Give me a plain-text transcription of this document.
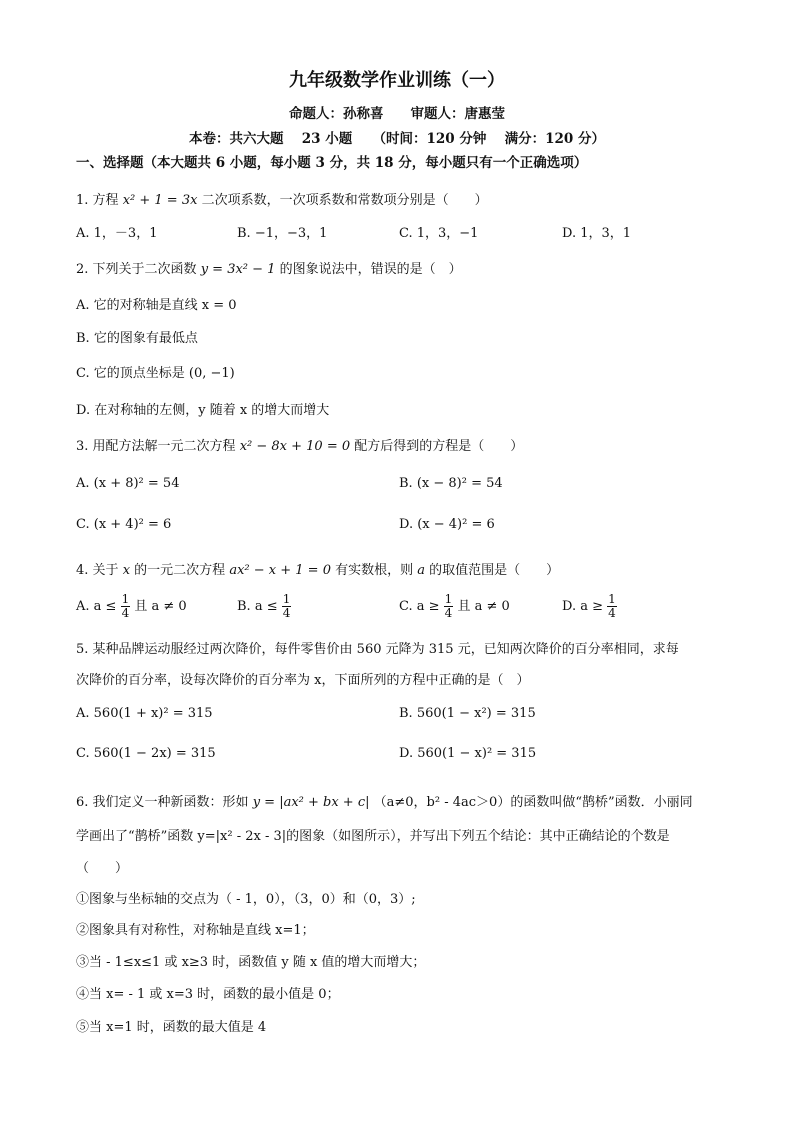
九年级数学作业训练（一）
命题人：孙称喜　　审题人：唐惠莹
本卷：共六大题　 23 小题　　（时间：120 分钟　 满分：120 分）
一、选择题（本大题共 6 小题，每小题 3 分，共 18 分，每小题只有一个正确选项）
1. 方程 x² + 1 = 3x 二次项系数，一次项系数和常数项分别是（　　）
A. 1，－3，1	B. −1，−3，1	C. 1，3，−1	D. 1，3，1
2. 下列关于二次函数 y = 3x² − 1 的图象说法中，错误的是（　）
A. 它的对称轴是直线 x = 0
B. 它的图象有最低点
C. 它的顶点坐标是 (0, −1)
D. 在对称轴的左侧，y 随着 x 的增大而增大
3. 用配方法解一元二次方程 x² − 8x + 10 = 0 配方后得到的方程是（　　）
A. (x + 8)² = 54	B. (x − 8)² = 54
C. (x + 4)² = 6	D. (x − 4)² = 6
4. 关于 x 的一元二次方程 ax² − x + 1 = 0 有实数根，则 a 的取值范围是（　　）
A. $a \le \frac{1}{4}$ 且 a ≠ 0	B. $a \le \frac{1}{4}$	C. $a \ge \frac{1}{4}$ 且 a ≠ 0	D. $a \ge \frac{1}{4}$
5. 某种品牌运动服经过两次降价，每件零售价由 560 元降为 315 元，已知两次降价的百分率相同，求每
次降价的百分率，设每次降价的百分率为 x，下面所列的方程中正确的是（　）
A. 560(1 + x)² = 315	B. 560(1 − x²) = 315
C. 560(1 − 2x) = 315	D. 560(1 − x)² = 315
6. 我们定义一种新函数：形如 y = |ax² + bx + c| （a≠0，b² - 4ac＞0）的函数叫做“鹊桥”函数．小丽同
学画出了“鹊桥”函数 y=|x² - 2x - 3|的图象（如图所示），并写出下列五个结论：其中正确结论的个数是
（　　）
①图象与坐标轴的交点为（ - 1，0），（3，0）和（0，3）;
②图象具有对称性，对称轴是直线 x=1；
③当 - 1≤x≤1 或 x≥3 时，函数值 y 随 x 值的增大而增大；
④当 x= - 1 或 x=3 时，函数的最小值是 0；
⑤当 x=1 时，函数的最大值是 4
